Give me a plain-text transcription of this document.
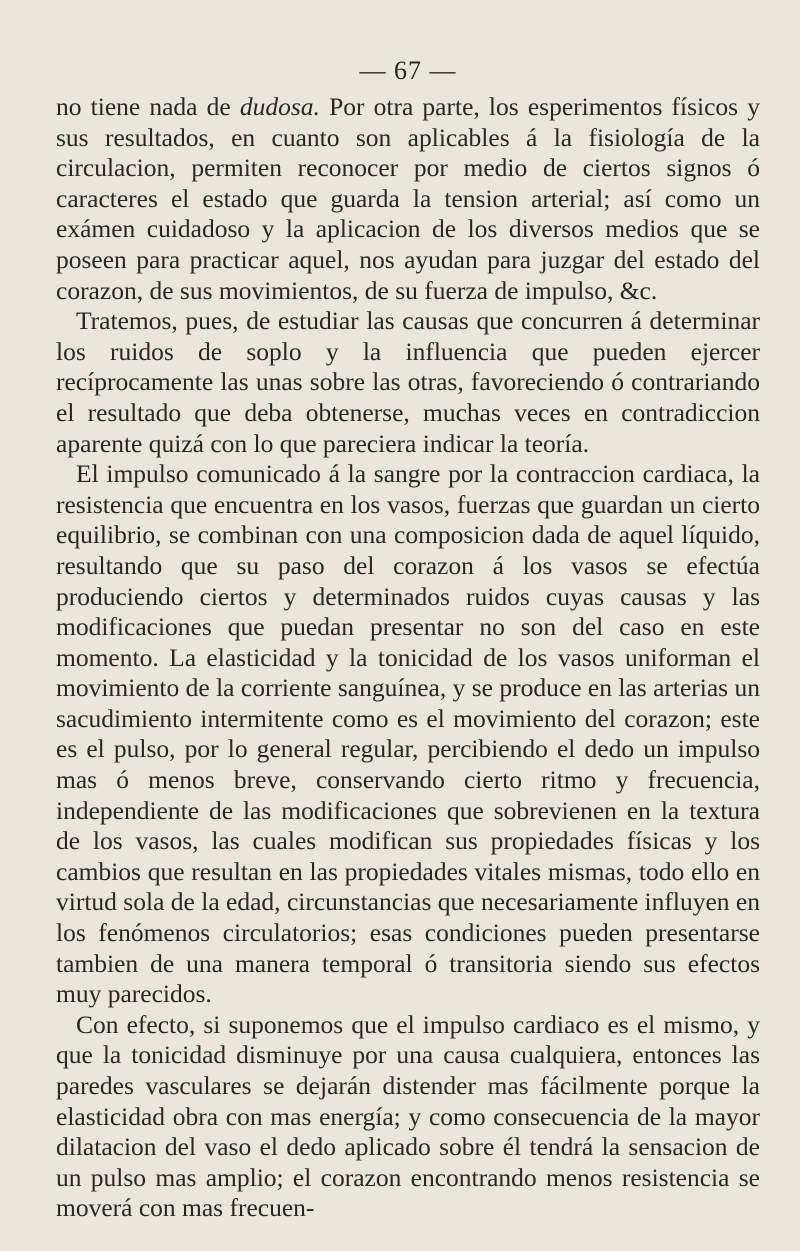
— 67 —

no tiene nada de dudosa. Por otra parte, los esperimentos físicos y sus resultados, en cuanto son aplicables á la fisiología de la circulacion, permiten reconocer por medio de ciertos signos ó caracteres el estado que guarda la tension arterial; así como un exámen cuidadoso y la aplicacion de los diversos medios que se poseen para practicar aquel, nos ayudan para juzgar del estado del corazon, de sus movimientos, de su fuerza de impulso, &c.

Tratemos, pues, de estudiar las causas que concurren á determinar los ruidos de soplo y la influencia que pueden ejercer recíprocamente las unas sobre las otras, favoreciendo ó contrariando el resultado que deba obtenerse, muchas veces en contradiccion aparente quizá con lo que pareciera indicar la teoría.

El impulso comunicado á la sangre por la contraccion cardiaca, la resistencia que encuentra en los vasos, fuerzas que guardan un cierto equilibrio, se combinan con una composicion dada de aquel líquido, resultando que su paso del corazon á los vasos se efectúa produciendo ciertos y determinados ruidos cuyas causas y las modificaciones que puedan presentar no son del caso en este momento. La elasticidad y la tonicidad de los vasos uniforman el movimiento de la corriente sanguínea, y se produce en las arterias un sacudimiento intermitente como es el movimiento del corazon; este es el pulso, por lo general regular, percibiendo el dedo un impulso mas ó menos breve, conservando cierto ritmo y frecuencia, independiente de las modificaciones que sobrevienen en la textura de los vasos, las cuales modifican sus propiedades físicas y los cambios que resultan en las propiedades vitales mismas, todo ello en virtud sola de la edad, circunstancias que necesariamente influyen en los fenómenos circulatorios; esas condiciones pueden presentarse tambien de una manera temporal ó transitoria siendo sus efectos muy parecidos.

Con efecto, si suponemos que el impulso cardiaco es el mismo, y que la tonicidad disminuye por una causa cualquiera, entonces las paredes vasculares se dejarán distender mas fácilmente porque la elasticidad obra con mas energía; y como consecuencia de la mayor dilatacion del vaso el dedo aplicado sobre él tendrá la sensacion de un pulso mas amplio; el corazon encontrando menos resistencia se moverá con mas frecuen-
